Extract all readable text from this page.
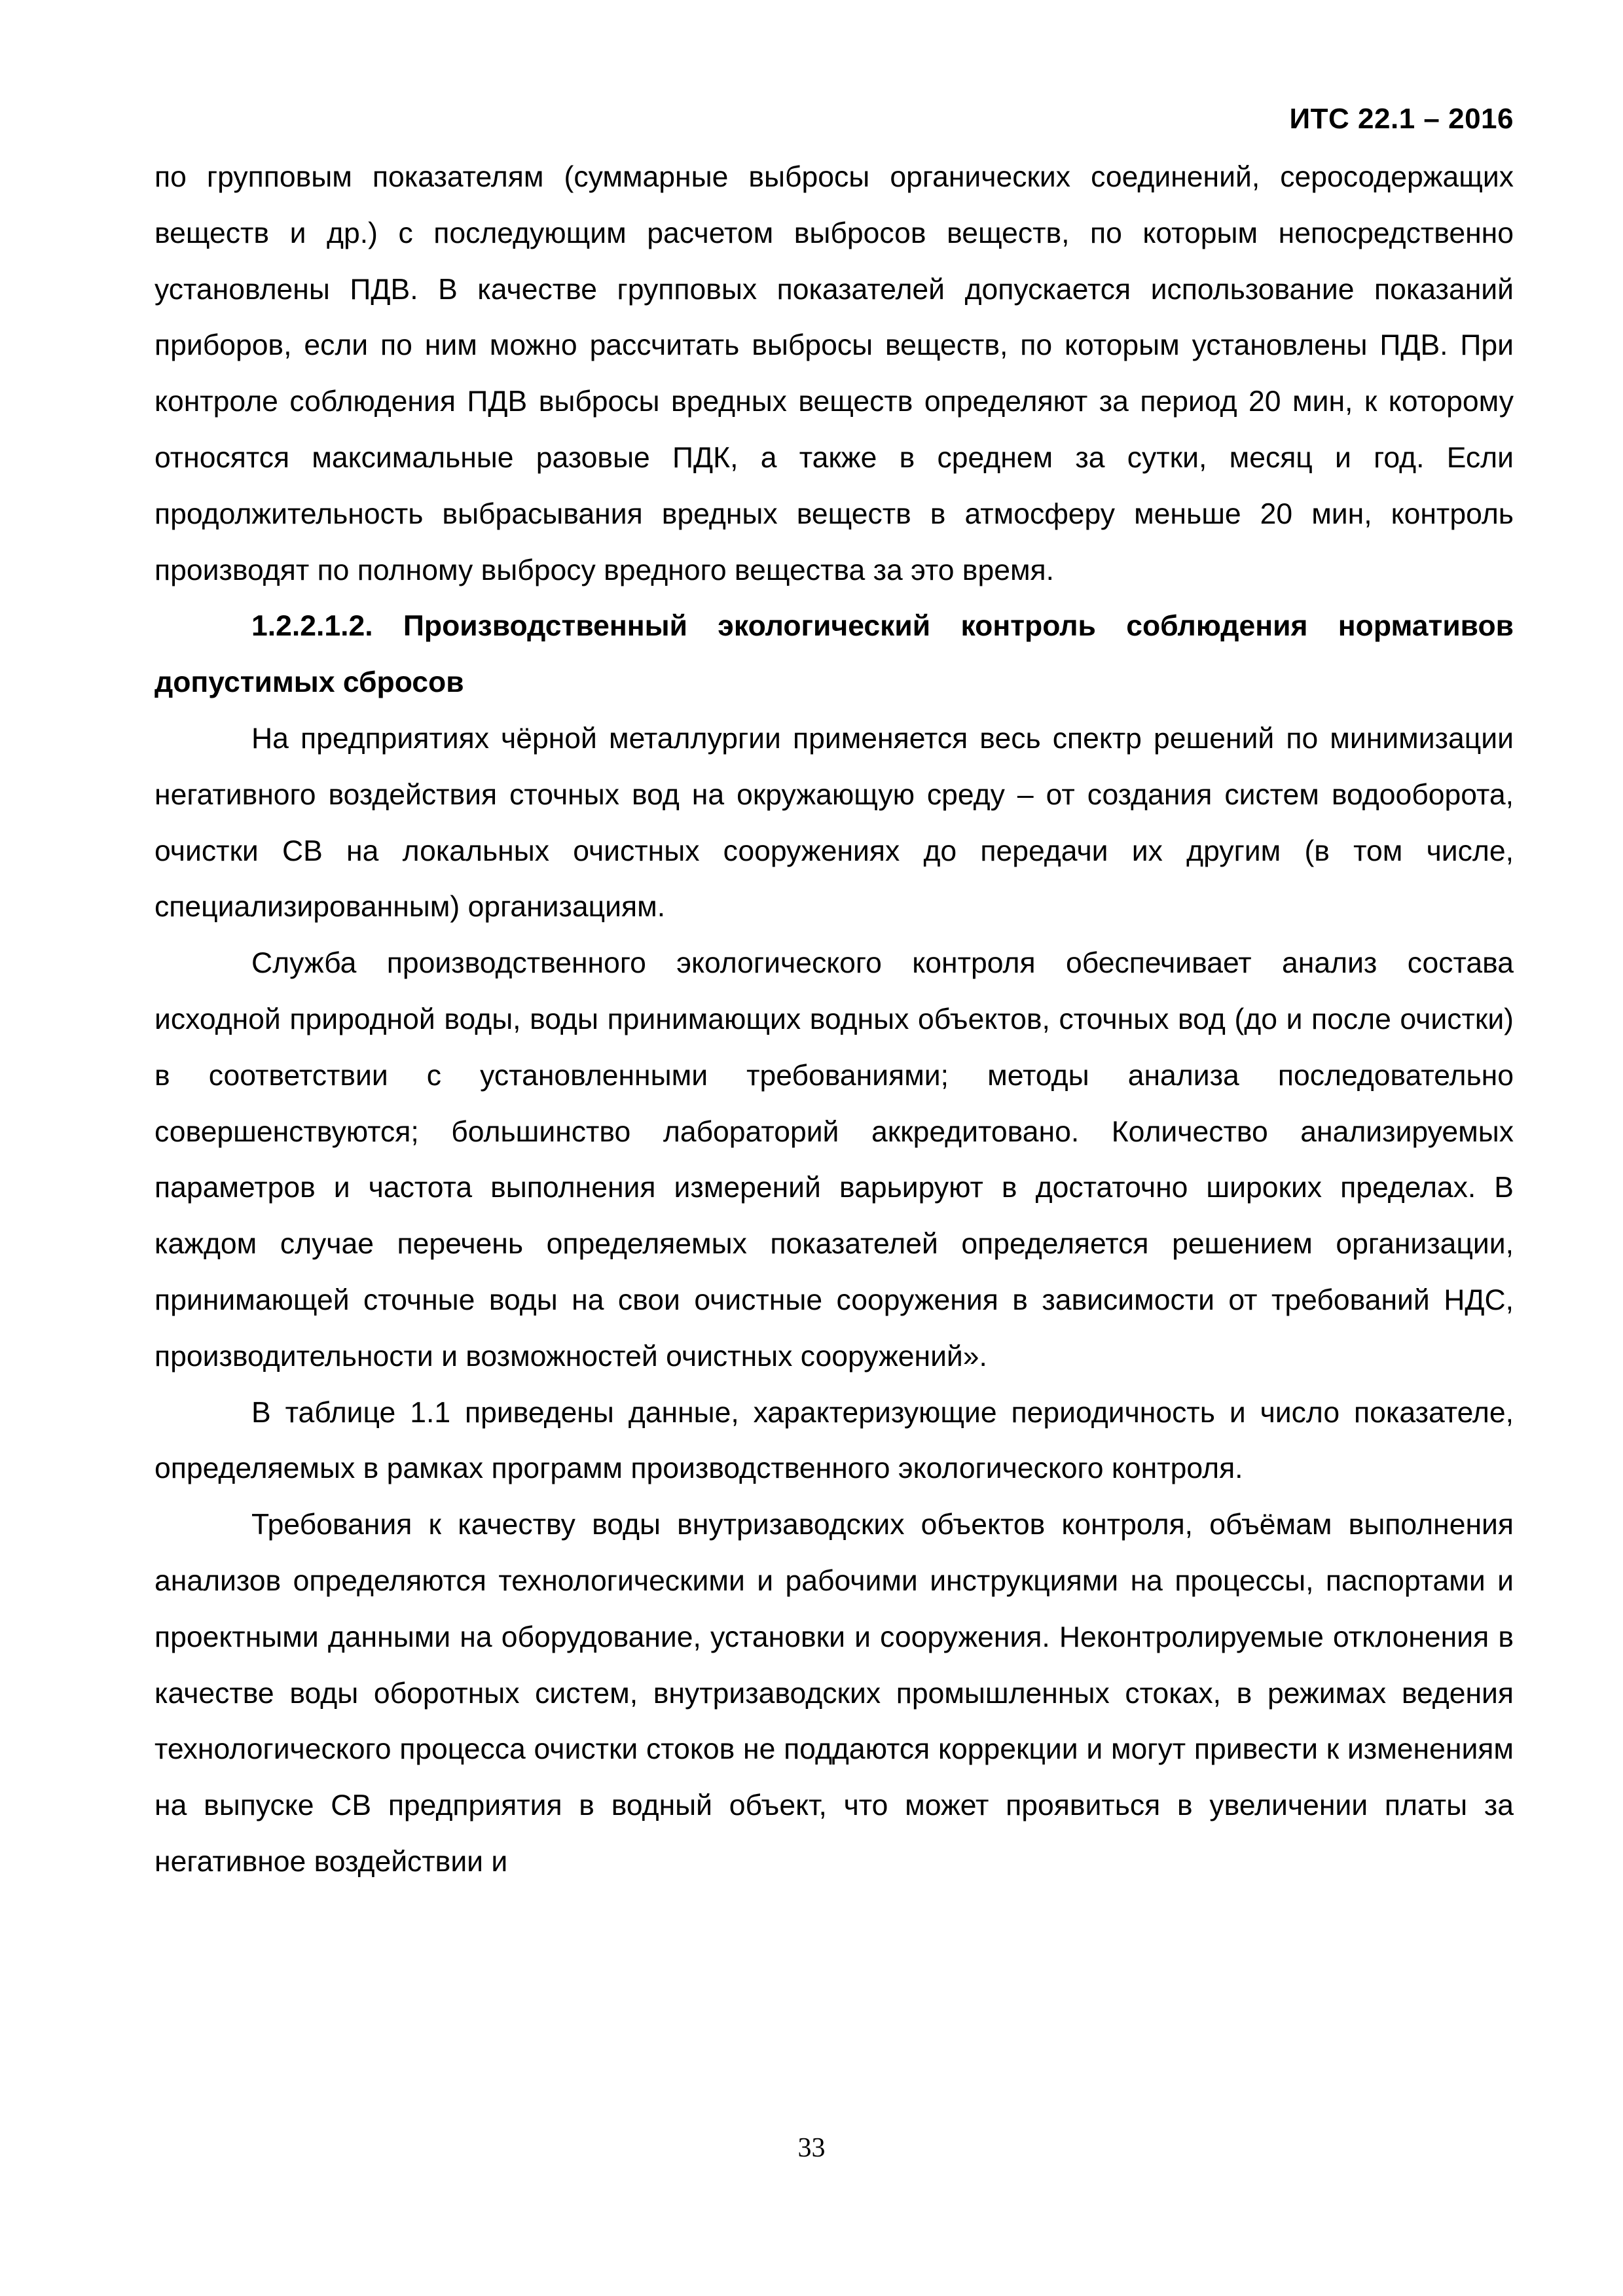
ИТС 22.1 – 2016

по групповым показателям (суммарные выбросы органических соединений, серосодержащих веществ и др.) с последующим расчетом выбросов веществ, по которым непосредственно установлены ПДВ. В качестве групповых показателей допускается использование показаний приборов, если по ним можно рассчитать выбросы веществ, по которым установлены ПДВ. При контроле соблюдения ПДВ выбросы вредных веществ определяют за период 20 мин, к которому относятся максимальные разовые ПДК, а также в среднем за сутки, месяц и год. Если продолжительность выбрасывания вредных веществ в атмосферу меньше 20 мин, контроль производят по полному выбросу вредного вещества за это время.

1.2.2.1.2. Производственный экологический контроль соблюдения нормативов допустимых сбросов

На предприятиях чёрной металлургии применяется весь спектр решений по минимизации негативного воздействия сточных вод на окружающую среду – от создания систем водооборота, очистки СВ на локальных очистных сооружениях до передачи их другим (в том числе, специализированным) организациям.

Служба производственного экологического контроля обеспечивает анализ состава исходной природной воды, воды принимающих водных объектов, сточных вод (до и после очистки) в соответствии с установленными требованиями; методы анализа последовательно совершенствуются; большинство лабораторий аккредитовано. Количество анализируемых параметров и частота выполнения измерений варьируют в достаточно широких пределах. В каждом случае перечень определяемых показателей определяется решением организации, принимающей сточные воды на свои очистные сооружения в зависимости от требований НДС, производительности и возможностей очистных сооружений».

В таблице 1.1 приведены данные, характеризующие периодичность и число показателе, определяемых в рамках программ производственного экологического контроля.

Требования к качеству воды внутризаводских объектов контроля, объёмам выполнения анализов определяются технологическими и рабочими инструкциями на процессы, паспортами и проектными данными на оборудование, установки и сооружения. Неконтролируемые отклонения в качестве воды оборотных систем, внутризаводских промышленных стоках, в режимах ведения технологического процесса очистки стоков не поддаются коррекции и могут привести к изменениям на выпуске СВ предприятия в водный объект, что может проявиться в увеличении платы за негативное воздействии и

33
